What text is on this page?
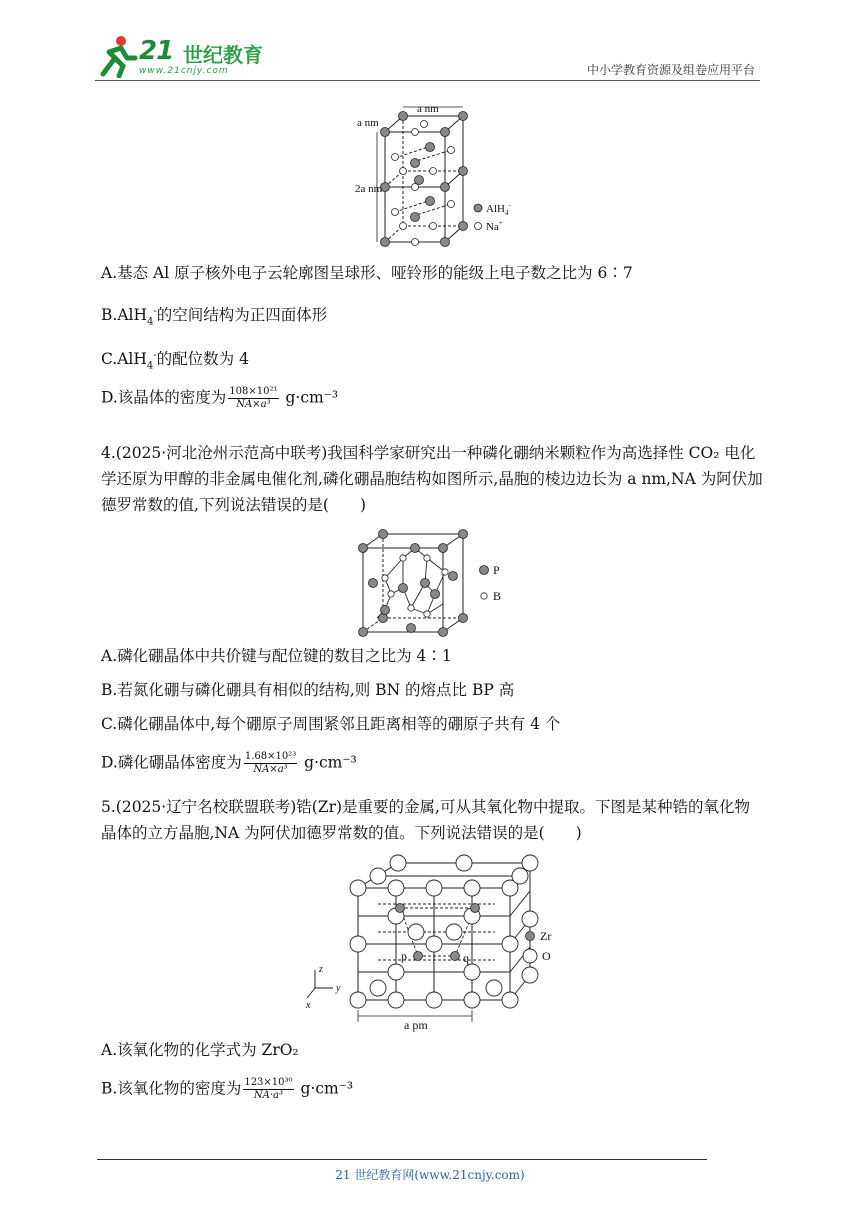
21 世纪教育
www.21cnjy.com	中小学教育资源及组卷应用平台
a nm
a nm
2a nm
AlH$_4$-
Na+
A.基态 Al 原子核外电子云轮廓图呈球形、哑铃形的能级上电子数之比为 6∶7
B.AlH$_4$-的空间结构为正四面体形
C.AlH$_4$-的配位数为 4
D.该晶体的密度为 $\frac{\text{108×10²¹}}{\text{NA×a³}} g\cdot cm^{-3}$
4.(2025·河北沧州示范高中联考)我国科学家研究出一种磷化硼纳米颗粒作为高选择性 CO₂ 电化学还原为甲醇的非金属电催化剂,磷化硼晶胞结构如图所示,晶胞的棱边边长为 a nm,NA 为阿伏加德罗常数的值,下列说法错误的是(　　)
P
B
A.磷化硼晶体中共价键与配位键的数目之比为 4∶1
B.若氮化硼与磷化硼具有相似的结构,则 BN 的熔点比 BP 高
C.磷化硼晶体中,每个硼原子周围紧邻且距离相等的硼原子共有 4 个
D.磷化硼晶体密度为 $\frac{\text{1.68×10²³}}{\text{NA×a³}} g\cdot cm^{-3}$
5.(2025·辽宁名校联盟联考)锆(Zr)是重要的金属,可从其氧化物中提取。下图是某种锆的氧化物晶体的立方晶胞,NA 为阿伏加德罗常数的值。下列说法错误的是(　　)
p	q
z
y
x
a pm
Zr
O
A.该氧化物的化学式为 ZrO₂
B.该氧化物的密度为 $\frac{\text{123×10³⁰}}{\text{NA·a³}} g\cdot cm^{-3}$
21 世纪教育网(www.21cnjy.com)
